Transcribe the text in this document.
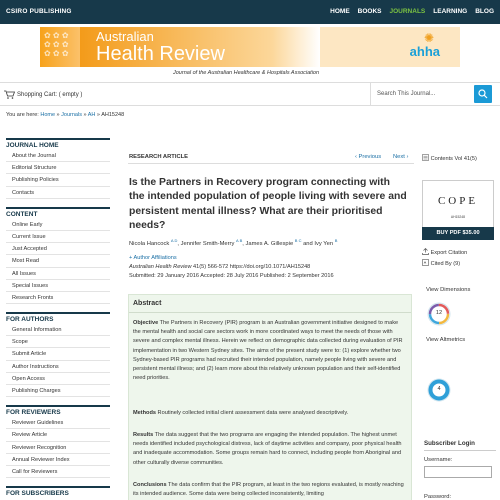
CSIRO PUBLISHING	HOME BOOKS JOURNALS LEARNING BLOG
✿ ✿ ✿
✿ ✿ ✿
✿ ✿ ✿
Australian
Health Review
✺
ahha
Journal of the Australian Healthcare & Hospitals Association
Shopping Cart: ( empty )	Search This Journal...
You are here: Home » Journals » AH » AH15248
JOURNAL HOME
About the Journal
Editorial Structure
Publishing Policies
Contacts
CONTENT
Online Early
Current Issue
Just Accepted
Most Read
All Issues
Special Issues
Research Fronts
FOR AUTHORS
General Information
Scope
Submit Article
Author Instructions
Open Access
Publishing Charges
FOR REVIEWERS
Reviewer Guidelines
Review Article
Reviewer Recognition
Annual Reviewer Index
Call for Reviewers
FOR SUBSCRIBERS
RESEARCH ARTICLE	‹ Previous Next ›
Is the Partners in Recovery program connecting with the intended population of people living with severe and persistent mental illness? What are their prioritised needs?
Nicola Hancock $^{A D}$, Jennifer Smith-Merry $^{A B}$, James A. Gillespie $^{B C}$ and Ivy Yen $^B$
+ Author Affiliations
Australian Health Review 41(5) 566-572 https://doi.org/10.1071/AH15248
Submitted: 29 January 2016 Accepted: 28 July 2016 Published: 2 September 2016
Abstract

Objective The Partners in Recovery (PIR) program is an Australian government initiative designed to make the mental health and social care sectors work in more coordinated ways to meet the needs of those with severe and complex mental illness. Herein we reflect on demographic data collected during evaluation of PIR implementation in two Western Sydney sites. The aims of the present study were to: (1) explore whether two Sydney-based PIR programs had recruited their intended population, namely people living with severe and persistent mental illness; and (2) learn more about this relatively unknown population and their self-identified need priorities.

Methods Routinely collected initial client assessment data were analysed descriptively.

Results The data suggest that the two programs are engaging the intended population. The highest unmet needs identified included psychological distress, lack of daytime activities and company, poor physical health and inadequate accommodation. Some groups remain hard to connect, including people from Aboriginal and other culturally diverse communities.

Conclusions The data confirm that the PIR program, at least in the two regions evaluated, is mostly reaching its intended audience. Some data were being collected inconsistently, limiting

Contents Vol 41(5)
COPE
AH15248
BUY PDF $35.00
Export Citation
Cited By (9)
View Dimensions
12
View Altmetrics
4
Subscriber Login
Username:
Password:
